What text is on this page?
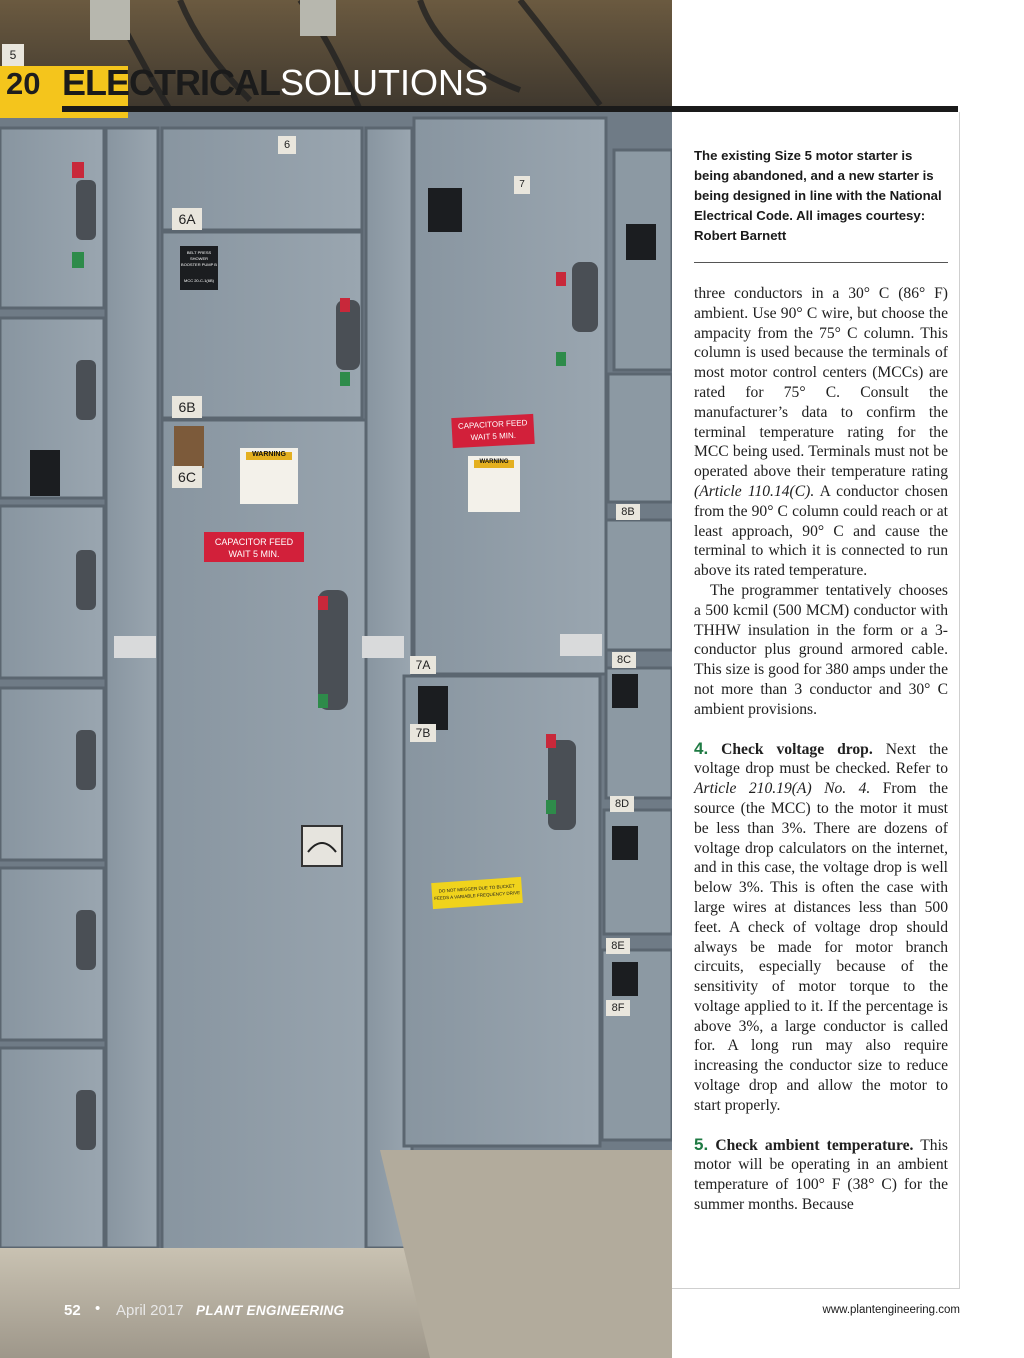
5
6
6A
6B
6C
7
7A
7B
8B
8C
8D
8E
8F
CAPACITOR FEED
WAIT 5 MIN.
CAPACITOR FEED
WAIT 5 MIN.
WARNING
WARNING
BELT PRESS SHOWER BOOSTER PUMP B
MCC 20-C-1(6B)
DO NOT MEGGER DUE TO BUCKET FEEDS A VARIABLE FREQUENCY DRIVE
20 ELECTRICALSOLUTIONS
The existing Size 5 motor starter is being abandoned, and a new starter is being designed in line with the National Electrical Code. All images courtesy: Robert Barnett

three conductors in a 30° C (86° F) ambient. Use 90° C wire, but choose the ampacity from the 75° C column. This column is used because the terminals of most motor control centers (MCCs) are rated for 75° C. Consult the manufacturer’s data to confirm the terminal temperature rating for the MCC being used. Terminals must not be operated above their temperature rating (Article 110.14(C). A conductor chosen from the 90° C column could reach or at least approach, 90° C and cause the terminal to which it is connected to run above its rated temperature.

The programmer tentatively chooses a 500 kcmil (500 MCM) conductor with THHW insulation in the form or a 3-conductor plus ground armored cable. This size is good for 380 amps under the not more than 3 conductor and 30° C ambient provisions.

4. Check voltage drop. Next the voltage drop must be checked. Refer to Article 210.19(A) No. 4. From the source (the MCC) to the motor it must be less than 3%. There are dozens of voltage drop calculators on the internet, and in this case, the voltage drop is well below 3%. This is often the case with large wires at distances less than 500 feet. A check of voltage drop should always be made for motor branch circuits, especially because of the sensitivity of motor torque to the voltage applied to it. If the percentage is above 3%, a large conductor is called for. A long run may also require increasing the conductor size to reduce voltage drop and allow the motor to start properly.

5. Check ambient temperature. This motor will be operating in an ambient temperature of 100° F (38° C) for the summer months. Because

52 • April 2017 PLANT ENGINEERING	www.plantengineering.com
